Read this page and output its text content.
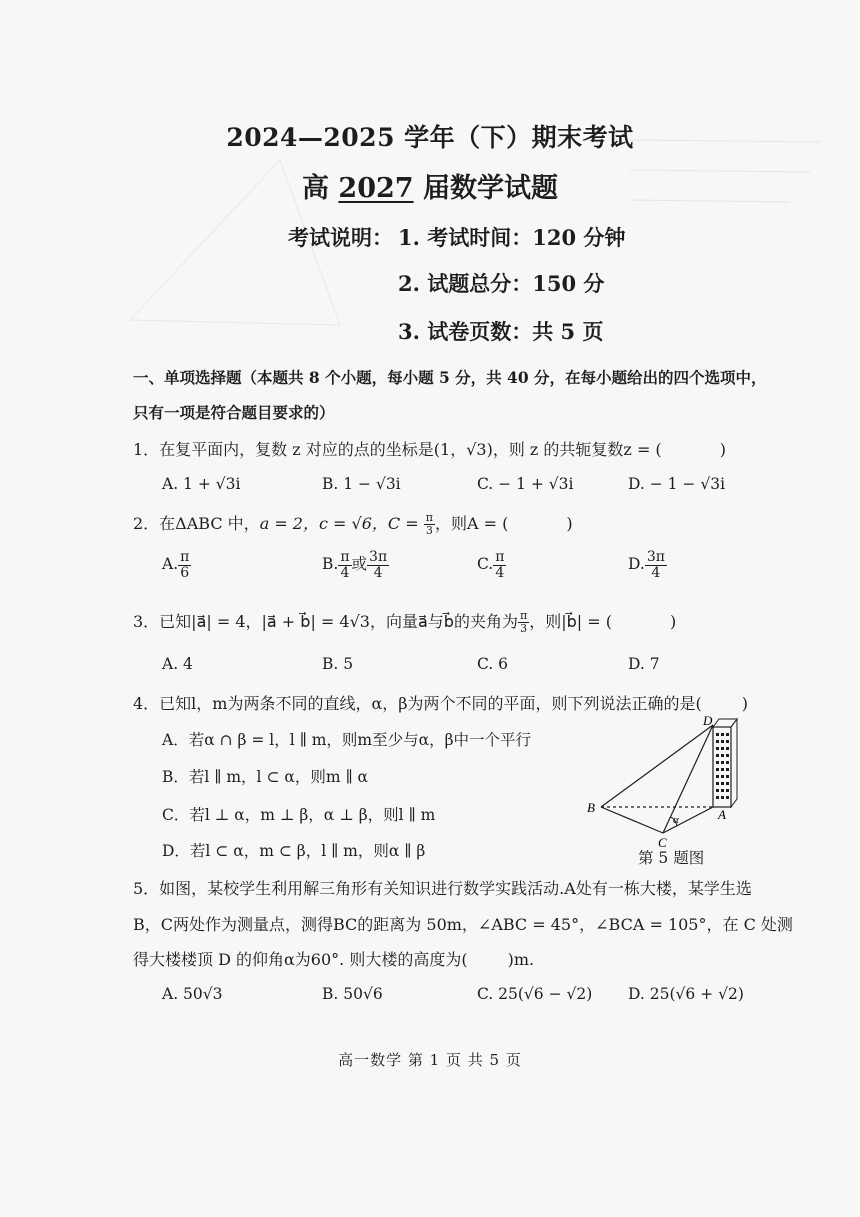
2024—2025 学年（下）期末考试
高 2027 届数学试题
考试说明： 1. 考试时间：120 分钟
2. 试题总分：150 分
3. 试卷页数：共 5 页
一、单项选择题（本题共 8 个小题，每小题 5 分，共 40 分，在每小题给出的四个选项中，
只有一项是符合题目要求的）
1．在复平面内，复数 z 对应的点的坐标是(1，√3)，则 z 的共轭复数z = (	)
A. 1 + √3i	B. 1 − √3i	C. − 1 + √3i	D. − 1 − √3i
2．在ΔABC 中，a = 2，c = √6，$C = \frac{\pi}{3}$ ，则A = (	)
A. $\frac{\pi}{6}$	B. $\frac{\pi}{4}$ 或 $\frac{3\pi}{4}$	C. $\frac{\pi}{4}$	D. $\frac{3\pi}{4}$
3．已知|a⃗| = 4，|a⃗ + b⃗| = 4√3，向量a⃗与b⃗的夹角为 $\frac{\pi}{3}$ ，则|b⃗| = (	)
A. 4	B. 5	C. 6	D. 7
4．已知l，m为两条不同的直线，α，β为两个不同的平面，则下列说法正确的是(	)
A．若α ∩ β = l，l ∥ m，则m至少与α，β中一个平行
B．若l ∥ m，l ⊂ α，则m ∥ α
C．若l ⊥ α，m ⊥ β，α ⊥ β，则l ∥ m
D．若l ⊂ α，m ⊂ β，l ∥ m，则α ∥ β
B
C
A
D
α
第 5 题图
5．如图，某校学生利用解三角形有关知识进行数学实践活动.A处有一栋大楼，某学生选
B，C两处作为测量点，测得BC的距离为 50m，∠ABC = 45°，∠BCA = 105°，在 C 处测
得大楼楼顶 D 的仰角α为60°. 则大楼的高度为(	)m.
A. 50√3	B. 50√6	C. 25(√6 − √2) D. 25(√6 + √2)
高一数学 第 1 页 共 5 页
